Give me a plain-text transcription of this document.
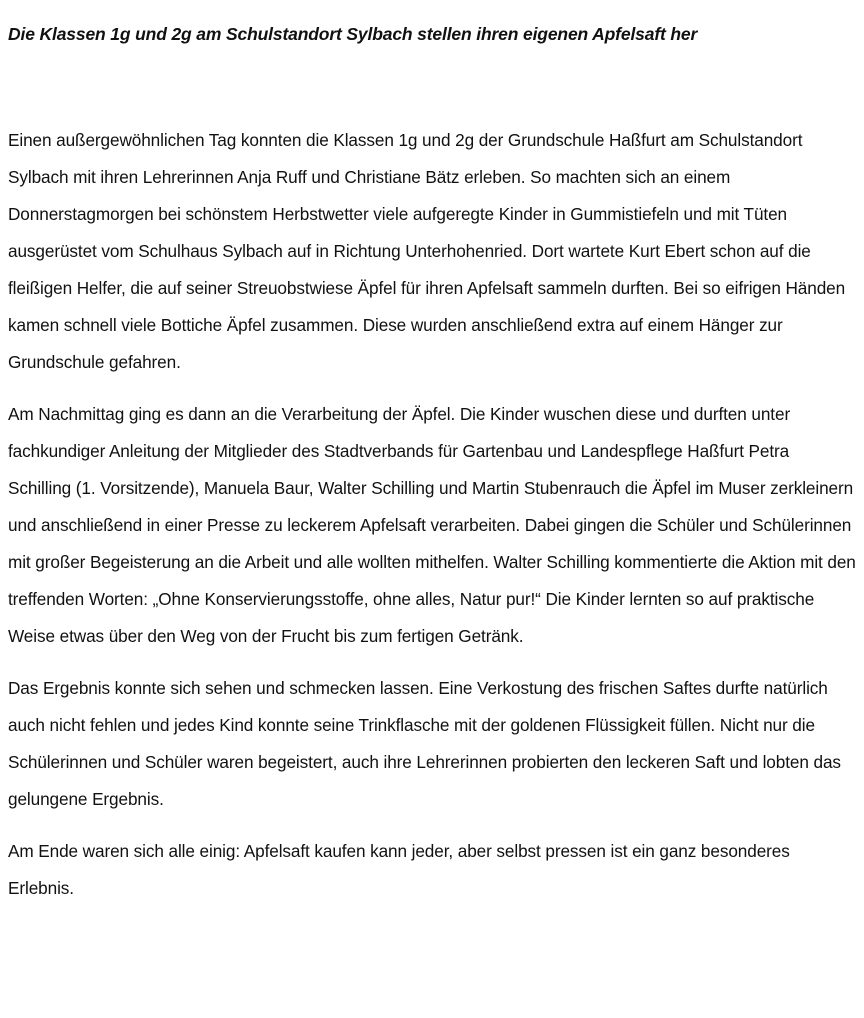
Die Klassen 1g und 2g am Schulstandort Sylbach stellen ihren eigenen Apfelsaft her

Einen außergewöhnlichen Tag konnten die Klassen 1g und 2g der Grundschule Haßfurt am Schulstandort Sylbach mit ihren Lehrerinnen Anja Ruff und Christiane Bätz erleben. So machten sich an einem Donnerstagmorgen bei schönstem Herbstwetter viele aufgeregte Kinder in Gummistiefeln und mit Tüten ausgerüstet vom Schulhaus Sylbach auf in Richtung Unterhohenried. Dort wartete Kurt Ebert schon auf die fleißigen Helfer, die auf seiner Streuobstwiese Äpfel für ihren Apfelsaft sammeln durften. Bei so eifrigen Händen kamen schnell viele Bottiche Äpfel zusammen. Diese wurden anschließend extra auf einem Hänger zur Grundschule gefahren.

Am Nachmittag ging es dann an die Verarbeitung der Äpfel. Die Kinder wuschen diese und durften unter fachkundiger Anleitung der Mitglieder des Stadtverbands für Gartenbau und Landespflege Haßfurt Petra Schilling (1. Vorsitzende), Manuela Baur, Walter Schilling und Martin Stubenrauch die Äpfel im Muser zerkleinern und anschließend in einer Presse zu leckerem Apfelsaft verarbeiten. Dabei gingen die Schüler und Schülerinnen mit großer Begeisterung an die Arbeit und alle wollten mithelfen. Walter Schilling kommentierte die Aktion mit den treffenden Worten: „Ohne Konservierungsstoffe, ohne alles, Natur pur!“ Die Kinder lernten so auf praktische Weise etwas über den Weg von der Frucht bis zum fertigen Getränk.

Das Ergebnis konnte sich sehen und schmecken lassen. Eine Verkostung des frischen Saftes durfte natürlich auch nicht fehlen und jedes Kind konnte seine Trinkflasche mit der goldenen Flüssigkeit füllen. Nicht nur die Schülerinnen und Schüler waren begeistert, auch ihre Lehrerinnen probierten den leckeren Saft und lobten das gelungene Ergebnis.

Am Ende waren sich alle einig: Apfelsaft kaufen kann jeder, aber selbst pressen ist ein ganz besonderes Erlebnis.
